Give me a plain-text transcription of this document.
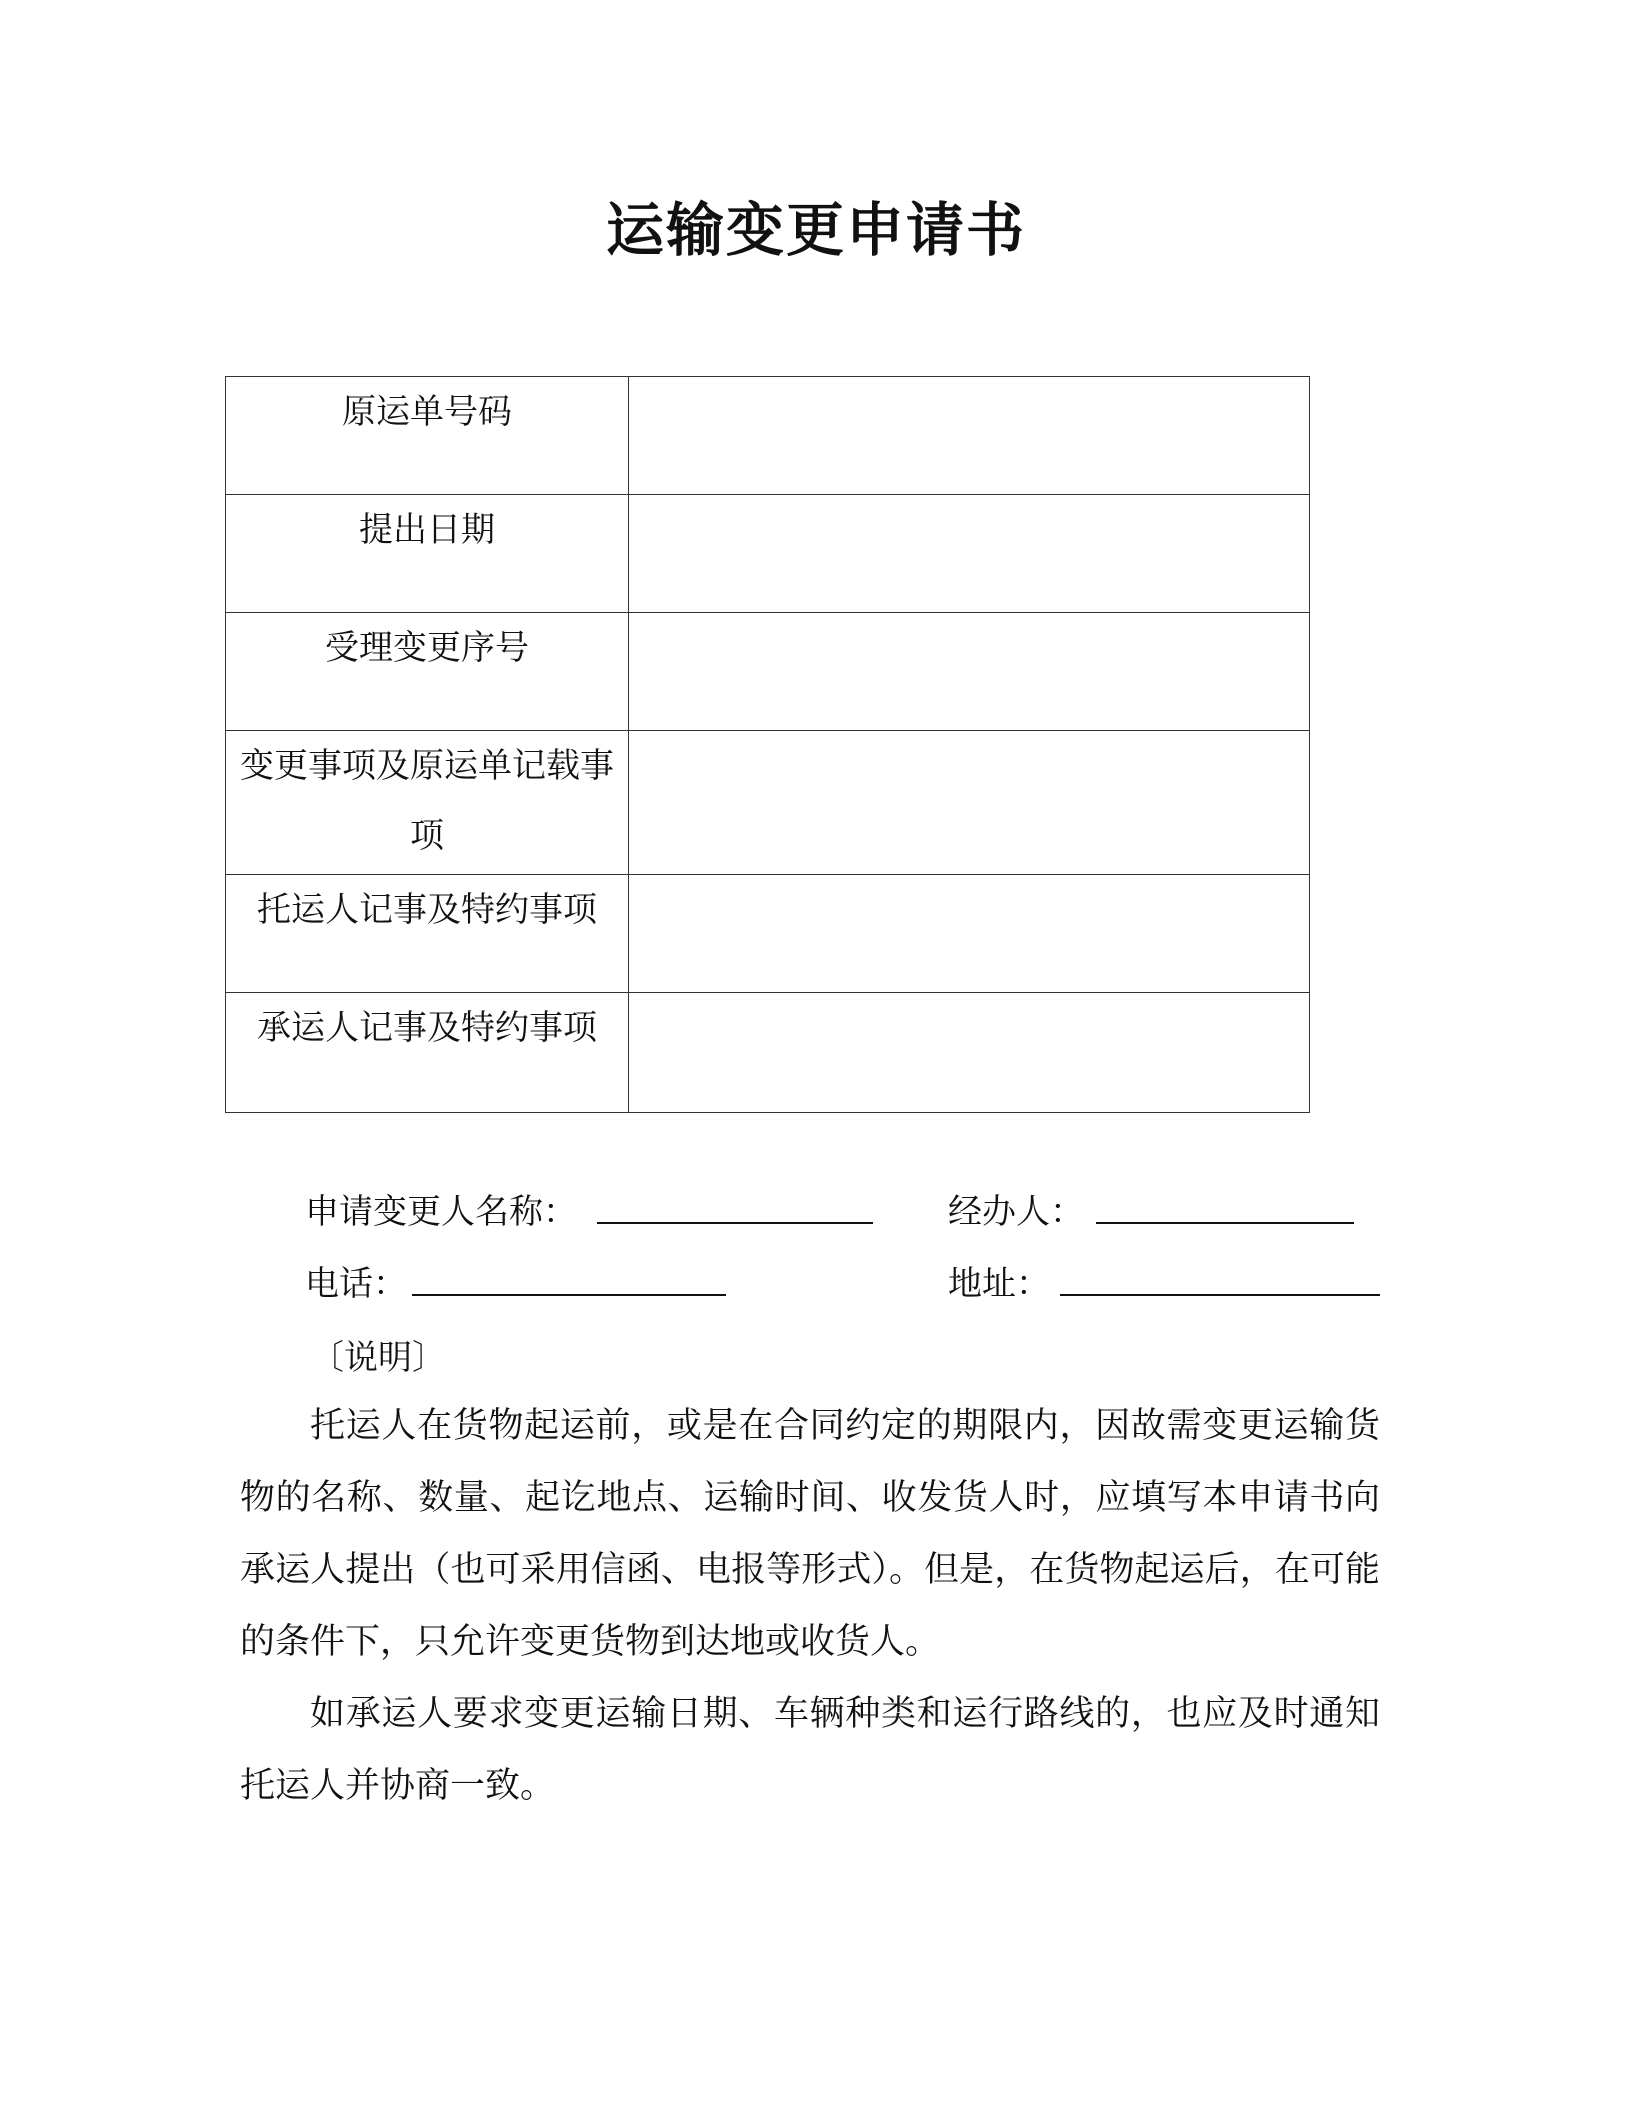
运输变更申请书
原运单号码	
提出日期	
受理变更序号	
变更事项及原运单记载事项	
托运人记事及特约事项	
承运人记事及特约事项	
申请变更人名称：	经办人：
电话：	地址：
〔说明〕

托运人在货物起运前，或是在合同约定的期限内，因故需变更运输货物的名称、数量、起讫地点、运输时间、收发货人时，应填写本申请书向承运人提出（也可采用信函、电报等形式）。但是，在货物起运后，在可能的条件下，只允许变更货物到达地或收货人。

如承运人要求变更运输日期、车辆种类和运行路线的，也应及时通知托运人并协商一致。
